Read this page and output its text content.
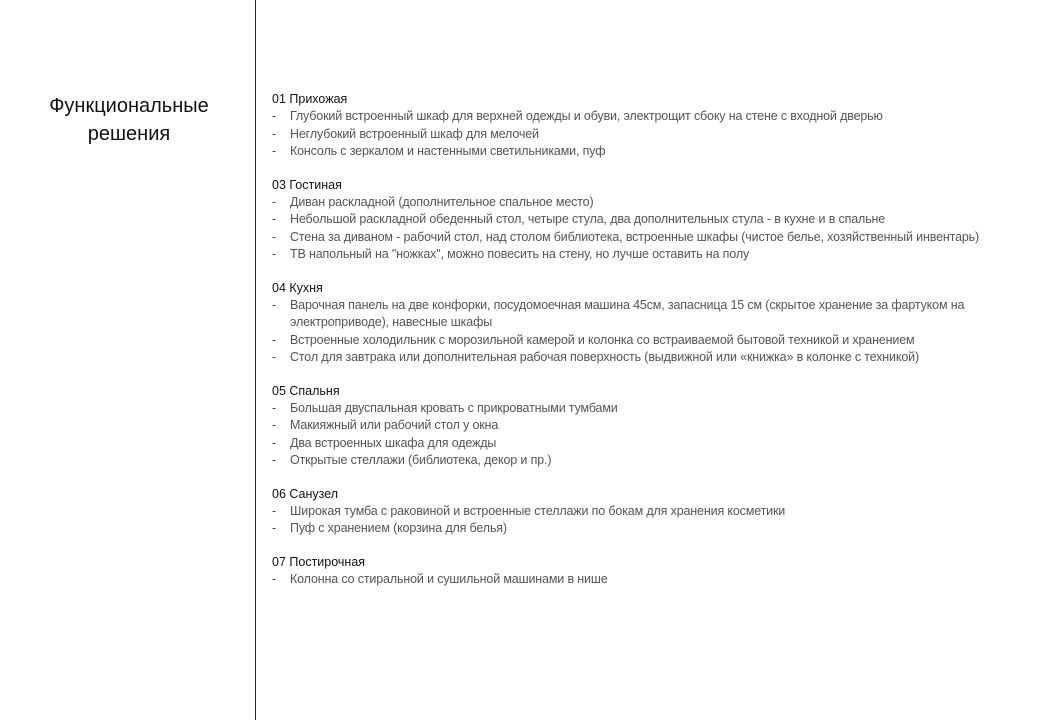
Функциональные
решения
01 Прихожая
- Глубокий встроенный шкаф для верхней одежды и обуви, электрощит сбоку на стене с входной дверью
- Неглубокий встроенный шкаф для мелочей
- Консоль с зеркалом и настенными светильниками, пуф
03 Гостиная
- Диван раскладной (дополнительное спальное место)
- Небольшой раскладной обеденный стол, четыре стула, два дополнительных стула - в кухне и в спальне
- Стена за диваном - рабочий стол, над столом библиотека, встроенные шкафы (чистое белье, хозяйственный инвентарь)
- ТВ напольный на "ножках", можно повесить на стену, но лучше оставить на полу
04 Кухня
- Варочная панель на две конфорки, посудомоечная машина 45см, запасница 15 см (скрытое хранение за фартуком на электроприводе), навесные шкафы
- Встроенные холодильник с морозильной камерой и колонка со встраиваемой бытовой техникой и хранением
- Стол для завтрака или дополнительная рабочая поверхность (выдвижной или «книжка» в колонке с техникой)
05 Спальня
- Большая двуспальная кровать с прикроватными тумбами
- Макияжный или рабочий стол у окна
- Два встроенных шкафа для одежды
- Открытые стеллажи (библиотека, декор и пр.)
06 Санузел
- Широкая тумба с раковиной и встроенные стеллажи по бокам для хранения косметики
- Пуф с хранением (корзина для белья)
07 Постирочная
- Колонна со стиральной и сушильной машинами в нише
